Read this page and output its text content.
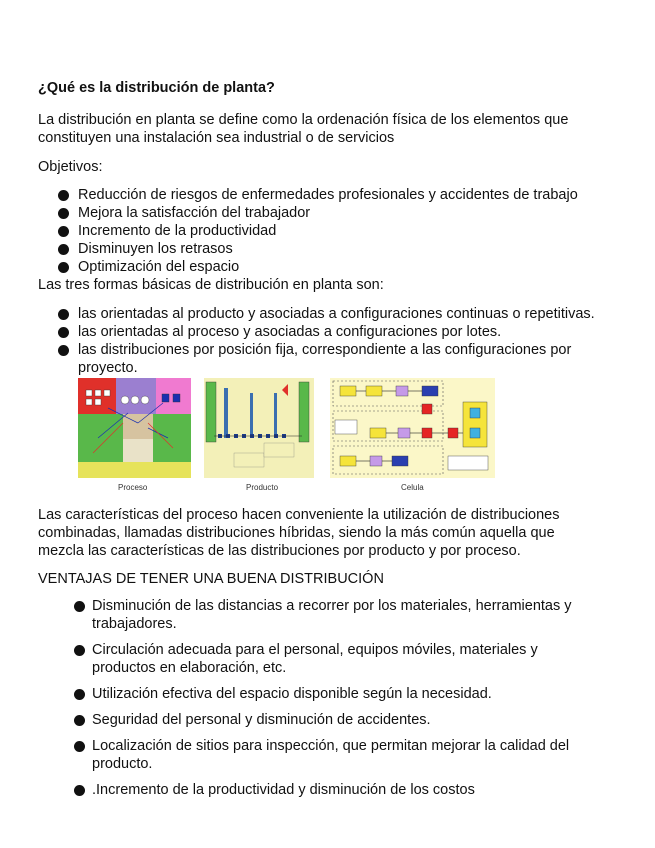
¿Qué es la distribución de planta?
La distribución en planta se define como la ordenación física de los elementos que constituyen una instalación sea industrial o de servicios
Objetivos:
Reducción de riesgos de enfermedades profesionales y accidentes de trabajo
Mejora la satisfacción del trabajador
Incremento de la productividad
Disminuyen los retrasos
Optimización del espacio
Las tres formas básicas de distribución en planta son:
las orientadas al producto y asociadas a configuraciones continuas o repetitivas.
las orientadas al proceso y asociadas a configuraciones por lotes.
las distribuciones por posición fija, correspondiente a las configuraciones por proyecto.
Proceso	Producto	Celula
Las características del proceso hacen conveniente la utilización de distribuciones combinadas, llamadas distribuciones híbridas, siendo la más común aquella que mezcla las características de las distribuciones por producto y por proceso.
VENTAJAS DE TENER UNA BUENA DISTRIBUCIÓN
Disminución de las distancias a recorrer por los materiales, herramientas y trabajadores.
Circulación adecuada para el personal, equipos móviles, materiales y productos en elaboración, etc.
Utilización efectiva del espacio disponible según la necesidad.
Seguridad del personal y disminución de accidentes.
Localización de sitios para inspección, que permitan mejorar la calidad del producto.
.Incremento de la productividad y disminución de los costos
